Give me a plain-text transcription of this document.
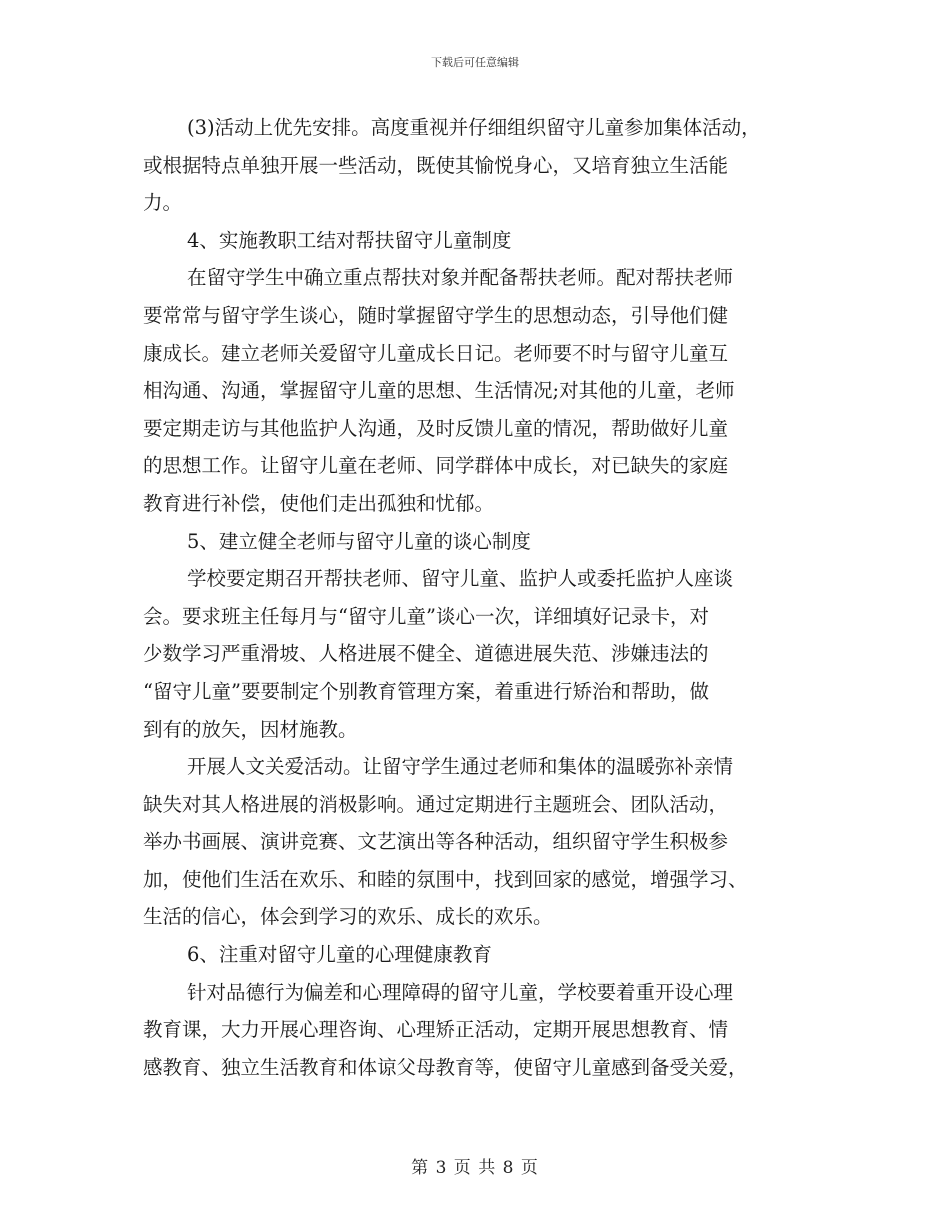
下载后可任意编辑
(3)活动上优先安排。高度重视并仔细组织留守儿童参加集体活动，
或根据特点单独开展一些活动，既使其愉悦身心，又培育独立生活能
力。
4、实施教职工结对帮扶留守儿童制度
在留守学生中确立重点帮扶对象并配备帮扶老师。配对帮扶老师
要常常与留守学生谈心，随时掌握留守学生的思想动态，引导他们健
康成长。建立老师关爱留守儿童成长日记。老师要不时与留守儿童互
相沟通、沟通，掌握留守儿童的思想、生活情况;对其他的儿童，老师
要定期走访与其他监护人沟通，及时反馈儿童的情况，帮助做好儿童
的思想工作。让留守儿童在老师、同学群体中成长，对已缺失的家庭
教育进行补偿，使他们走出孤独和忧郁。
5、建立健全老师与留守儿童的谈心制度
学校要定期召开帮扶老师、留守儿童、监护人或委托监护人座谈
会。要求班主任每月与“留守儿童”谈心一次，详细填好记录卡，对
少数学习严重滑坡、人格进展不健全、道德进展失范、涉嫌违法的
“留守儿童”要要制定个别教育管理方案，着重进行矫治和帮助，做
到有的放矢，因材施教。
开展人文关爱活动。让留守学生通过老师和集体的温暖弥补亲情
缺失对其人格进展的消极影响。通过定期进行主题班会、团队活动，
举办书画展、演讲竞赛、文艺演出等各种活动，组织留守学生积极参
加，使他们生活在欢乐、和睦的氛围中，找到回家的感觉，增强学习、
生活的信心，体会到学习的欢乐、成长的欢乐。
6、注重对留守儿童的心理健康教育
针对品德行为偏差和心理障碍的留守儿童，学校要着重开设心理
教育课，大力开展心理咨询、心理矫正活动，定期开展思想教育、情
感教育、独立生活教育和体谅父母教育等，使留守儿童感到备受关爱，
第 3 页 共 8 页
